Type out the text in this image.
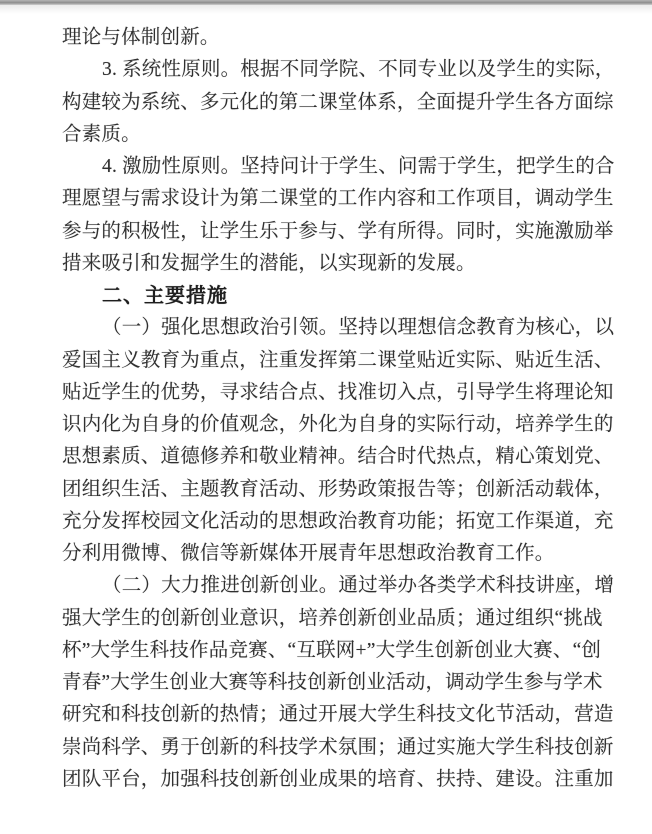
理论与体制创新。
3. 系统性原则。根据不同学院、不同专业以及学生的实际，
构建较为系统、多元化的第二课堂体系，全面提升学生各方面综
合素质。
4. 激励性原则。坚持问计于学生、问需于学生，把学生的合
理愿望与需求设计为第二课堂的工作内容和工作项目，调动学生
参与的积极性，让学生乐于参与、学有所得。同时，实施激励举
措来吸引和发掘学生的潜能，以实现新的发展。
二、主要措施
（一）强化思想政治引领。坚持以理想信念教育为核心，以
爱国主义教育为重点，注重发挥第二课堂贴近实际、贴近生活、
贴近学生的优势，寻求结合点、找准切入点，引导学生将理论知
识内化为自身的价值观念，外化为自身的实际行动，培养学生的
思想素质、道德修养和敬业精神。结合时代热点，精心策划党、
团组织生活、主题教育活动、形势政策报告等；创新活动载体，
充分发挥校园文化活动的思想政治教育功能；拓宽工作渠道，充
分利用微博、微信等新媒体开展青年思想政治教育工作。
（二）大力推进创新创业。通过举办各类学术科技讲座，增
强大学生的创新创业意识，培养创新创业品质；通过组织“挑战
杯”大学生科技作品竞赛、“互联网+”大学生创新创业大赛、“创
青春”大学生创业大赛等科技创新创业活动，调动学生参与学术
研究和科技创新的热情；通过开展大学生科技文化节活动，营造
崇尚科学、勇于创新的科技学术氛围；通过实施大学生科技创新
团队平台，加强科技创新创业成果的培育、扶持、建设。注重加
